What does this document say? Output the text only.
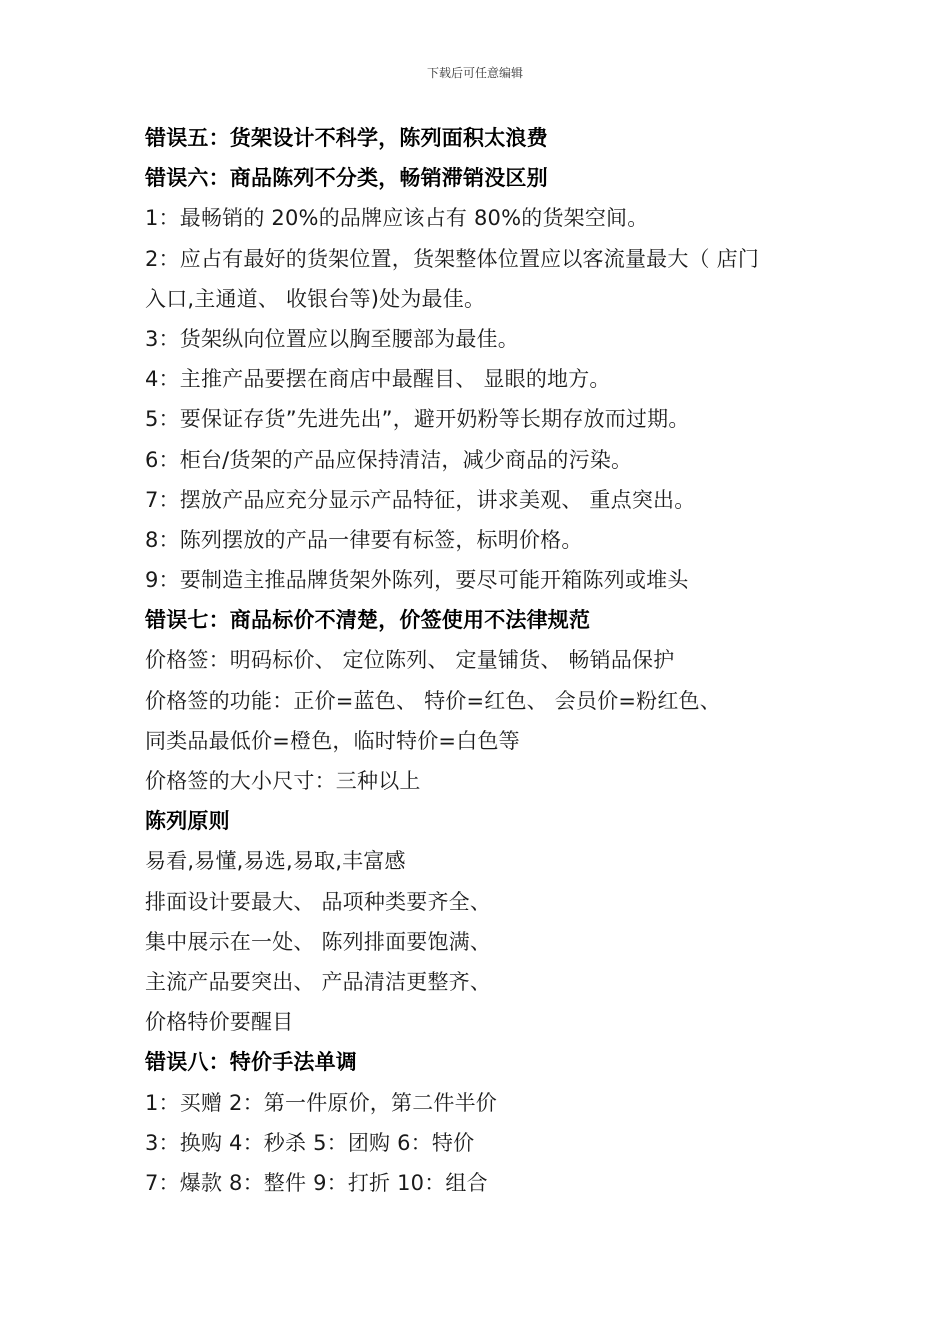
下载后可任意编辑
错误五：货架设计不科学，陈列面积太浪费
错误六：商品陈列不分类，畅销滞销没区别
1：最畅销的 20%的品牌应该占有 80%的货架空间。
2：应占有最好的货架位置，货架整体位置应以客流量最大（ 店门
入口,主通道、 收银台等)处为最佳。
3：货架纵向位置应以胸至腰部为最佳。
4：主推产品要摆在商店中最醒目、 显眼的地方。
5：要保证存货”先进先出”，避开奶粉等长期存放而过期。
6：柜台/货架的产品应保持清洁，减少商品的污染。
7：摆放产品应充分显示产品特征，讲求美观、 重点突出。
8：陈列摆放的产品一律要有标签，标明价格。
9：要制造主推品牌货架外陈列，要尽可能开箱陈列或堆头
错误七：商品标价不清楚，价签使用不法律规范
价格签：明码标价、 定位陈列、 定量铺货、 畅销品保护
价格签的功能：正价=蓝色、 特价=红色、 会员价=粉红色、
同类品最低价=橙色，临时特价=白色等
价格签的大小尺寸：三种以上
陈列原则
易看,易懂,易选,易取,丰富感
排面设计要最大、 品项种类要齐全、
集中展示在一处、 陈列排面要饱满、
主流产品要突出、 产品清洁更整齐、
价格特价要醒目
错误八：特价手法单调
1：买赠 2：第一件原价，第二件半价
3：换购 4：秒杀 5：团购 6：特价
7：爆款 8：整件 9：打折 10：组合
